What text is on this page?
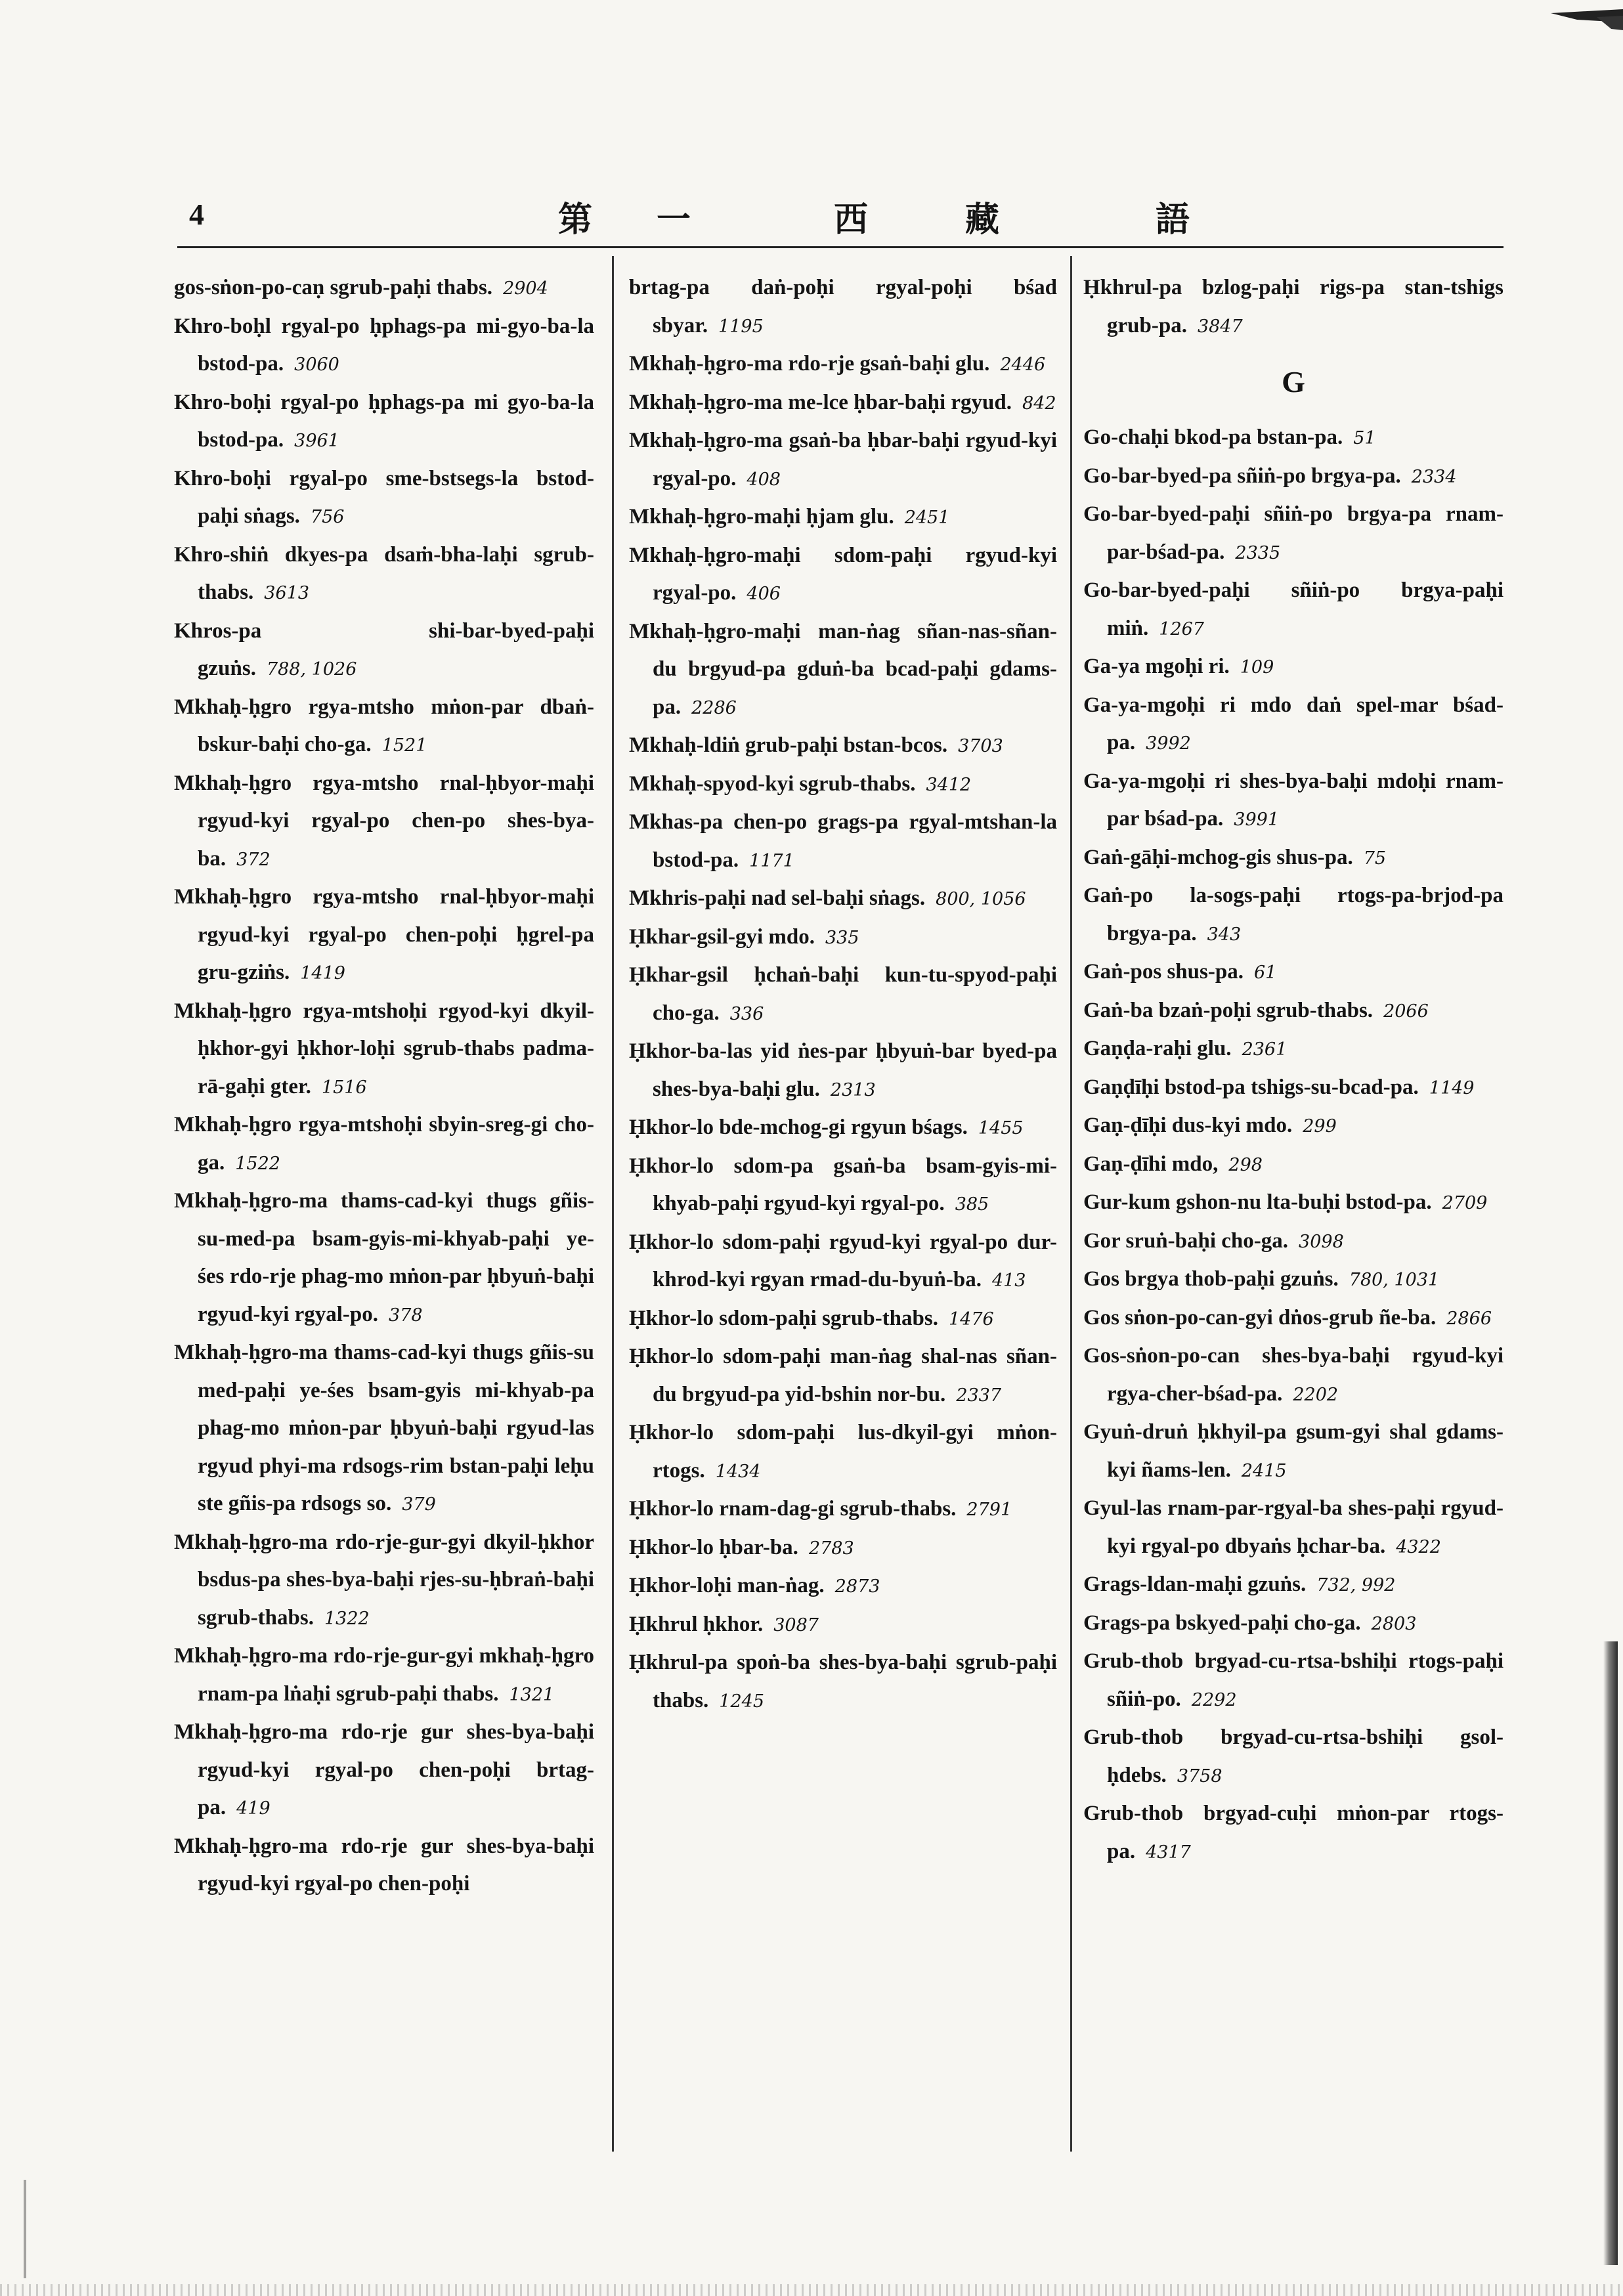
4	第 一	西	藏	語

gos-sṅon-po-caṇ sgrub-paḥi thabs. 2904

Khro-boḥl rgyal-po ḥphags-pa mi-gyo-ba-la bstod-pa. 3060

Khro-boḥi rgyal-po ḥphags-pa mi gyo-ba-la bstod-pa. 3961

Khro-boḥi rgyal-po sme-bstsegs-la bstod-paḥi sṅags. 756

Khro-shiṅ dkyes-pa dsaṁ-bha-laḥi sgrub-thabs. 3613

Khros-pa shi-bar-byed-paḥi gzuṅs. 788, 1026

Mkhaḥ-ḥgro rgya-mtsho mṅon-par dbaṅ-bskur-baḥi cho-ga. 1521

Mkhaḥ-ḥgro rgya-mtsho rnal-ḥbyor-maḥi rgyud-kyi rgyal-po chen-po shes-bya-ba. 372

Mkhaḥ-ḥgro rgya-mtsho rnal-ḥbyor-maḥi rgyud-kyi rgyal-po chen-poḥi ḥgrel-pa gru-gziṅs. 1419

Mkhaḥ-ḥgro rgya-mtshoḥi rgyod-kyi dkyil-ḥkhor-gyi ḥkhor-loḥi sgrub-thabs padma-rā-gaḥi gter. 1516

Mkhaḥ-ḥgro rgya-mtshoḥi sbyin-sreg-gi cho-ga. 1522

Mkhaḥ-ḥgro-ma thams-cad-kyi thugs gñis-su-med-pa bsam-gyis-mi-khyab-paḥi ye-śes rdo-rje phag-mo mṅon-par ḥbyuṅ-baḥi rgyud-kyi rgyal-po. 378

Mkhaḥ-ḥgro-ma thams-cad-kyi thugs gñis-su med-paḥi ye-śes bsam-gyis mi-khyab-pa phag-mo mṅon-par ḥbyuṅ-baḥi rgyud-las rgyud phyi-ma rdsogs-rim bstan-paḥi leḥu ste gñis-pa rdsogs so. 379

Mkhaḥ-ḥgro-ma rdo-rje-gur-gyi dkyil-ḥkhor bsdus-pa shes-bya-baḥi rjes-su-ḥbraṅ-baḥi sgrub-thabs. 1322

Mkhaḥ-ḥgro-ma rdo-rje-gur-gyi mkhaḥ-ḥgro rnam-pa lṅaḥi sgrub-paḥi thabs. 1321

Mkhaḥ-ḥgro-ma rdo-rje gur shes-bya-baḥi rgyud-kyi rgyal-po chen-poḥi brtag-pa. 419

Mkhaḥ-ḥgro-ma rdo-rje gur shes-bya-baḥi rgyud-kyi rgyal-po chen-poḥi

brtag-pa daṅ-poḥi rgyal-poḥi bśad sbyar. 1195

Mkhaḥ-ḥgro-ma rdo-rje gsaṅ-baḥi glu. 2446

Mkhaḥ-ḥgro-ma me-lce ḥbar-baḥi rgyud. 842

Mkhaḥ-ḥgro-ma gsaṅ-ba ḥbar-baḥi rgyud-kyi rgyal-po. 408

Mkhaḥ-ḥgro-maḥi ḥjam glu. 2451

Mkhaḥ-ḥgro-maḥi sdom-paḥi rgyud-kyi rgyal-po. 406

Mkhaḥ-ḥgro-maḥi man-ṅag sñan-nas-sñan-du brgyud-pa gduṅ-ba bcad-paḥi gdams-pa. 2286

Mkhaḥ-ldiṅ grub-paḥi bstan-bcos. 3703

Mkhaḥ-spyod-kyi sgrub-thabs. 3412

Mkhas-pa chen-po grags-pa rgyal-mtshan-la bstod-pa. 1171

Mkhris-paḥi nad sel-baḥi sṅags. 800, 1056

Ḥkhar-gsil-gyi mdo. 335

Ḥkhar-gsil ḥchaṅ-baḥi kun-tu-spyod-paḥi cho-ga. 336

Ḥkhor-ba-las yid ṅes-par ḥbyuṅ-bar byed-pa shes-bya-baḥi glu. 2313

Ḥkhor-lo bde-mchog-gi rgyun bśags. 1455

Ḥkhor-lo sdom-pa gsaṅ-ba bsam-gyis-mi-khyab-paḥi rgyud-kyi rgyal-po. 385

Ḥkhor-lo sdom-paḥi rgyud-kyi rgyal-po dur-khrod-kyi rgyan rmad-du-byuṅ-ba. 413

Ḥkhor-lo sdom-paḥi sgrub-thabs. 1476

Ḥkhor-lo sdom-paḥi man-ṅag shal-nas sñan-du brgyud-pa yid-bshin nor-bu. 2337

Ḥkhor-lo sdom-paḥi lus-dkyil-gyi mṅon-rtogs. 1434

Ḥkhor-lo rnam-dag-gi sgrub-thabs. 2791

Ḥkhor-lo ḥbar-ba. 2783

Ḥkhor-loḥi man-ṅag. 2873

Ḥkhrul ḥkhor. 3087

Ḥkhrul-pa spoṅ-ba shes-bya-baḥi sgrub-paḥi thabs. 1245

Ḥkhrul-pa bzlog-paḥi rigs-pa stan-tshigs grub-pa. 3847

G

Go-chaḥi bkod-pa bstan-pa. 51

Go-bar-byed-pa sñiṅ-po brgya-pa. 2334

Go-bar-byed-paḥi sñiṅ-po brgya-pa rnam-par-bśad-pa. 2335

Go-bar-byed-paḥi sñiṅ-po brgya-paḥi miṅ. 1267

Ga-ya mgoḥi ri. 109

Ga-ya-mgoḥi ri mdo daṅ spel-mar bśad-pa. 3992

Ga-ya-mgoḥi ri shes-bya-baḥi mdoḥi rnam-par bśad-pa. 3991

Gaṅ-gāḥi-mchog-gis shus-pa. 75

Gaṅ-po la-sogs-paḥi rtogs-pa-brjod-pa brgya-pa. 343

Gaṅ-pos shus-pa. 61

Gaṅ-ba bzaṅ-poḥi sgrub-thabs. 2066

Gaṇḍa-raḥi glu. 2361

Gaṇḍīḥi bstod-pa tshigs-su-bcad-pa. 1149

Gaṇ-ḍīḥi dus-kyi mdo. 299

Gaṇ-ḍīhi mdo, 298

Gur-kum gshon-nu lta-buḥi bstod-pa. 2709

Gor sruṅ-baḥi cho-ga. 3098

Gos brgya thob-paḥi gzuṅs. 780, 1031

Gos sṅon-po-can-gyi dṅos-grub ñe-ba. 2866

Gos-sṅon-po-can shes-bya-baḥi rgyud-kyi rgya-cher-bśad-pa. 2202

Gyuṅ-druṅ ḥkhyil-pa gsum-gyi shal gdams-kyi ñams-len. 2415

Gyul-las rnam-par-rgyal-ba shes-paḥi rgyud-kyi rgyal-po dbyaṅs ḥchar-ba. 4322

Grags-ldan-maḥi gzuṅs. 732, 992

Grags-pa bskyed-paḥi cho-ga. 2803

Grub-thob brgyad-cu-rtsa-bshiḥi rtogs-paḥi sñiṅ-po. 2292

Grub-thob brgyad-cu-rtsa-bshiḥi gsol-ḥdebs. 3758

Grub-thob brgyad-cuḥi mṅon-par rtogs-pa. 4317
